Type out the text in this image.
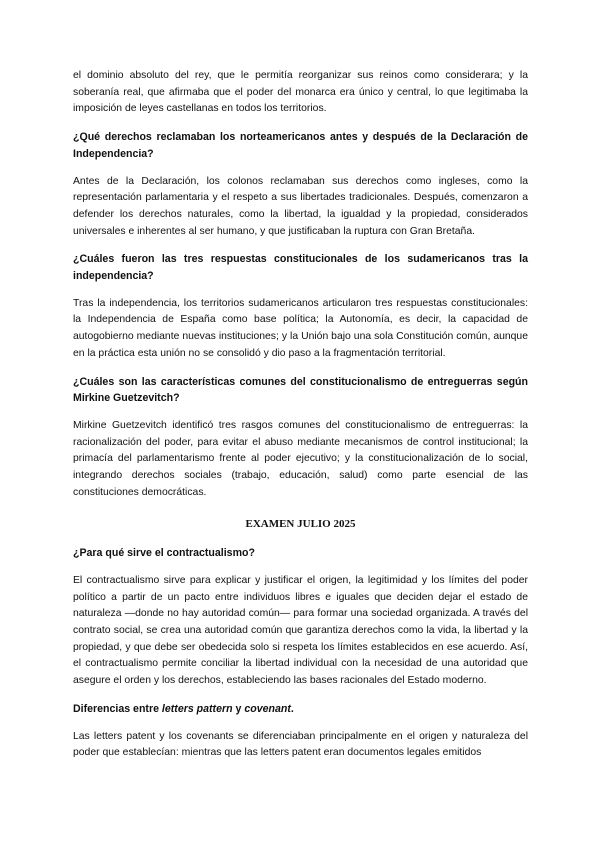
el dominio absoluto del rey, que le permitía reorganizar sus reinos como considerara; y la soberanía real, que afirmaba que el poder del monarca era único y central, lo que legitimaba la imposición de leyes castellanas en todos los territorios.

¿Qué derechos reclamaban los norteamericanos antes y después de la Declaración de Independencia?

Antes de la Declaración, los colonos reclamaban sus derechos como ingleses, como la representación parlamentaria y el respeto a sus libertades tradicionales. Después, comenzaron a defender los derechos naturales, como la libertad, la igualdad y la propiedad, considerados universales e inherentes al ser humano, y que justificaban la ruptura con Gran Bretaña.

¿Cuáles fueron las tres respuestas constitucionales de los sudamericanos tras la independencia?

Tras la independencia, los territorios sudamericanos articularon tres respuestas constitucionales: la Independencia de España como base política; la Autonomía, es decir, la capacidad de autogobierno mediante nuevas instituciones; y la Unión bajo una sola Constitución común, aunque en la práctica esta unión no se consolidó y dio paso a la fragmentación territorial.

¿Cuáles son las características comunes del constitucionalismo de entreguerras según Mirkine Guetzevitch?

Mirkine Guetzevitch identificó tres rasgos comunes del constitucionalismo de entreguerras: la racionalización del poder, para evitar el abuso mediante mecanismos de control institucional; la primacía del parlamentarismo frente al poder ejecutivo; y la constitucionalización de lo social, integrando derechos sociales (trabajo, educación, salud) como parte esencial de las constituciones democráticas.

EXAMEN JULIO 2025

¿Para qué sirve el contractualismo?

El contractualismo sirve para explicar y justificar el origen, la legitimidad y los límites del poder político a partir de un pacto entre individuos libres e iguales que deciden dejar el estado de naturaleza —donde no hay autoridad común— para formar una sociedad organizada. A través del contrato social, se crea una autoridad común que garantiza derechos como la vida, la libertad y la propiedad, y que debe ser obedecida solo si respeta los límites establecidos en ese acuerdo. Así, el contractualismo permite conciliar la libertad individual con la necesidad de una autoridad que asegure el orden y los derechos, estableciendo las bases racionales del Estado moderno.

Diferencias entre letters pattern y covenant.

Las letters patent y los covenants se diferenciaban principalmente en el origen y naturaleza del poder que establecían: mientras que las letters patent eran documentos legales emitidos
